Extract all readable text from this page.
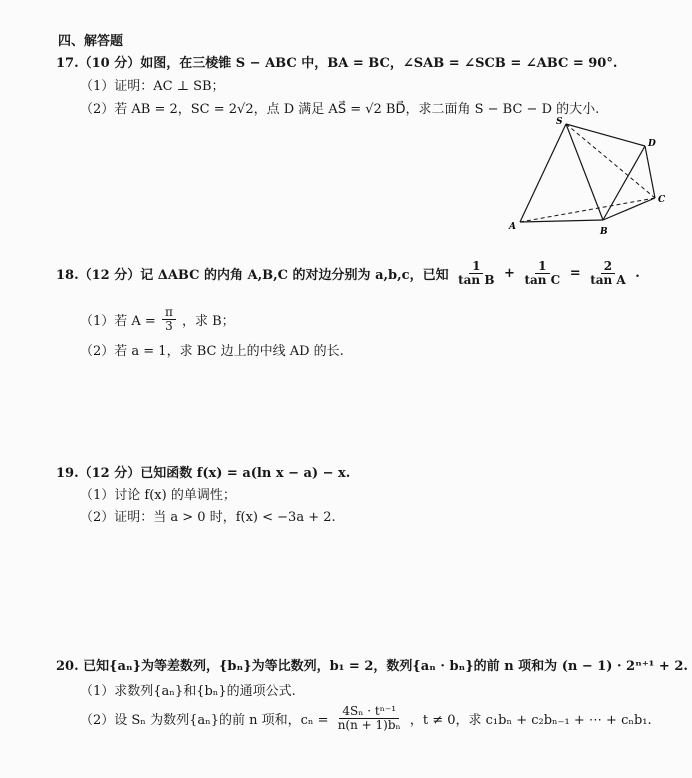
四、解答题
17.（10 分）如图，在三棱锥 S − ABC 中，BA = BC，∠SAB = ∠SCB = ∠ABC = 90°.
（1）证明：AC ⊥ SB；
（2）若 AB = 2，SC = 2√2，点 D 满足 AS⃗ = √2 BD⃗，求二面角 S − BC − D 的大小.
S
D
C
A	B
18.（12 分）记 ΔABC 的内角 A,B,C 的对边分别为 a,b,c，已知 $\frac{1}{\text{tan B}} + \frac{1}{\text{tan C}} = \frac{2}{\text{tan A}}$ .
（1）若 $A = \frac{\pi}{3}$ ，求 B；
（2）若 a = 1，求 BC 边上的中线 AD 的长.
19.（12 分）已知函数 f(x) = a(ln x − a) − x.
（1）讨论 f(x) 的单调性；
（2）证明：当 a > 0 时，f(x) < −3a + 2.
20. 已知{aₙ}为等差数列，{bₙ}为等比数列，b₁ = 2，数列{aₙ · bₙ}的前 n 项和为 (n − 1) · 2ⁿ⁺¹ + 2.
（1）求数列{aₙ}和{bₙ}的通项公式.
（2）设 Sₙ 为数列{aₙ}的前 n 项和，$c_n = \frac{\text{4Sₙ · tⁿ⁻¹}}{\text{n(n + 1)bₙ}}$ ，t ≠ 0，求 c₁bₙ + c₂bₙ₋₁ + ⋯ + cₙb₁.
